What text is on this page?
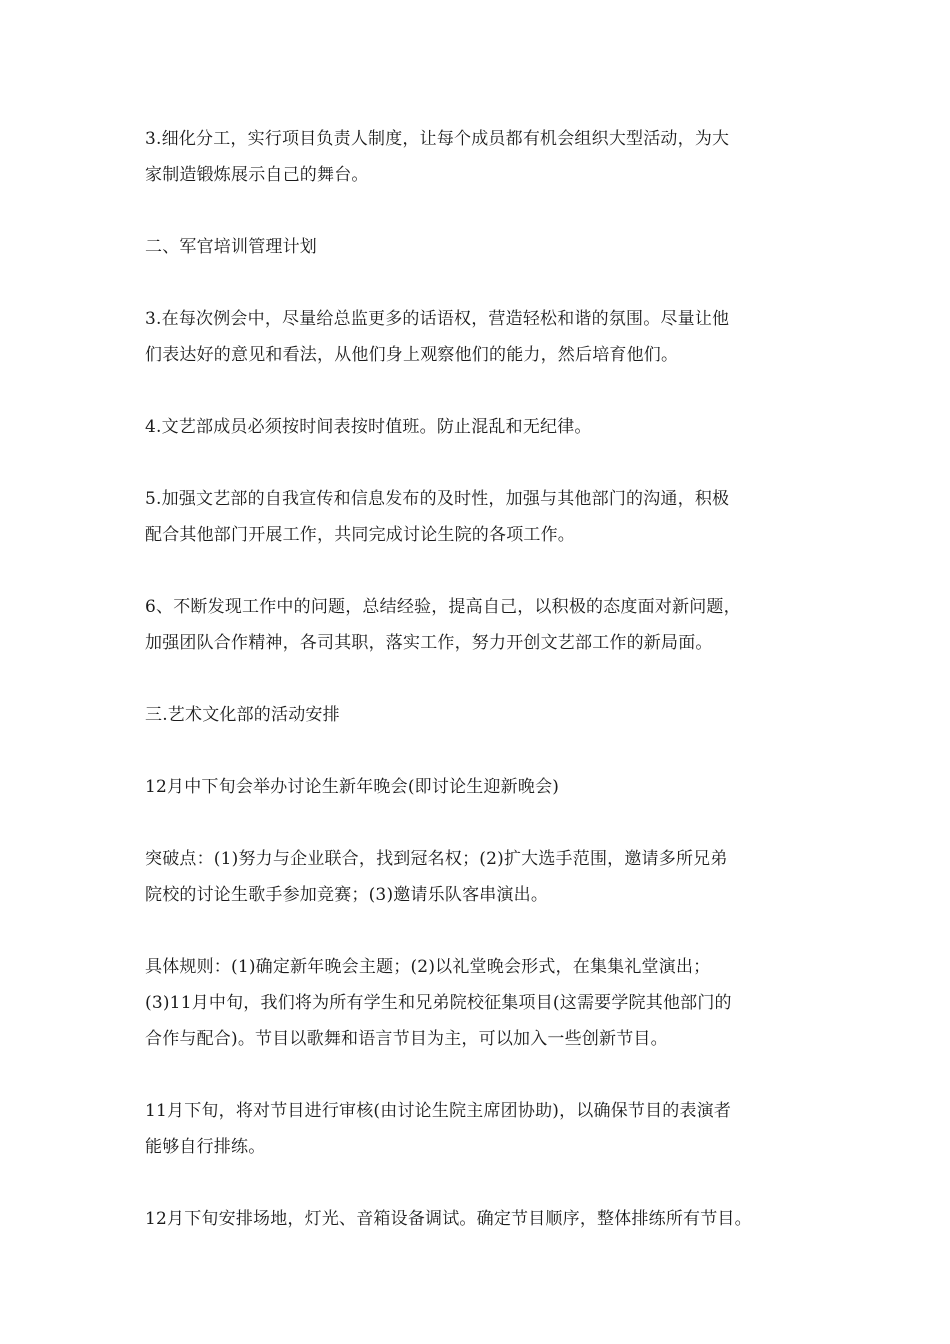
3.细化分工，实行项目负责人制度，让每个成员都有机会组织大型活动，为大
家制造锻炼展示自己的舞台。

二、军官培训管理计划

3.在每次例会中，尽量给总监更多的话语权，营造轻松和谐的氛围。尽量让他
们表达好的意见和看法，从他们身上观察他们的能力，然后培育他们。

4.文艺部成员必须按时间表按时值班。防止混乱和无纪律。

5.加强文艺部的自我宣传和信息发布的及时性，加强与其他部门的沟通，积极
配合其他部门开展工作，共同完成讨论生院的各项工作。

6、不断发现工作中的问题，总结经验，提高自己，以积极的态度面对新问题，
加强团队合作精神，各司其职，落实工作，努力开创文艺部工作的新局面。

三.艺术文化部的活动安排

12月中下旬会举办讨论生新年晚会(即讨论生迎新晚会)

突破点：(1)努力与企业联合，找到冠名权；(2)扩大选手范围，邀请多所兄弟
院校的讨论生歌手参加竞赛；(3)邀请乐队客串演出。

具体规则：(1)确定新年晚会主题；(2)以礼堂晚会形式，在集集礼堂演出；
(3)11月中旬，我们将为所有学生和兄弟院校征集项目(这需要学院其他部门的
合作与配合)。节目以歌舞和语言节目为主，可以加入一些创新节目。

11月下旬，将对节目进行审核(由讨论生院主席团协助)，以确保节目的表演者
能够自行排练。

12月下旬安排场地，灯光、音箱设备调试。确定节目顺序，整体排练所有节目。
